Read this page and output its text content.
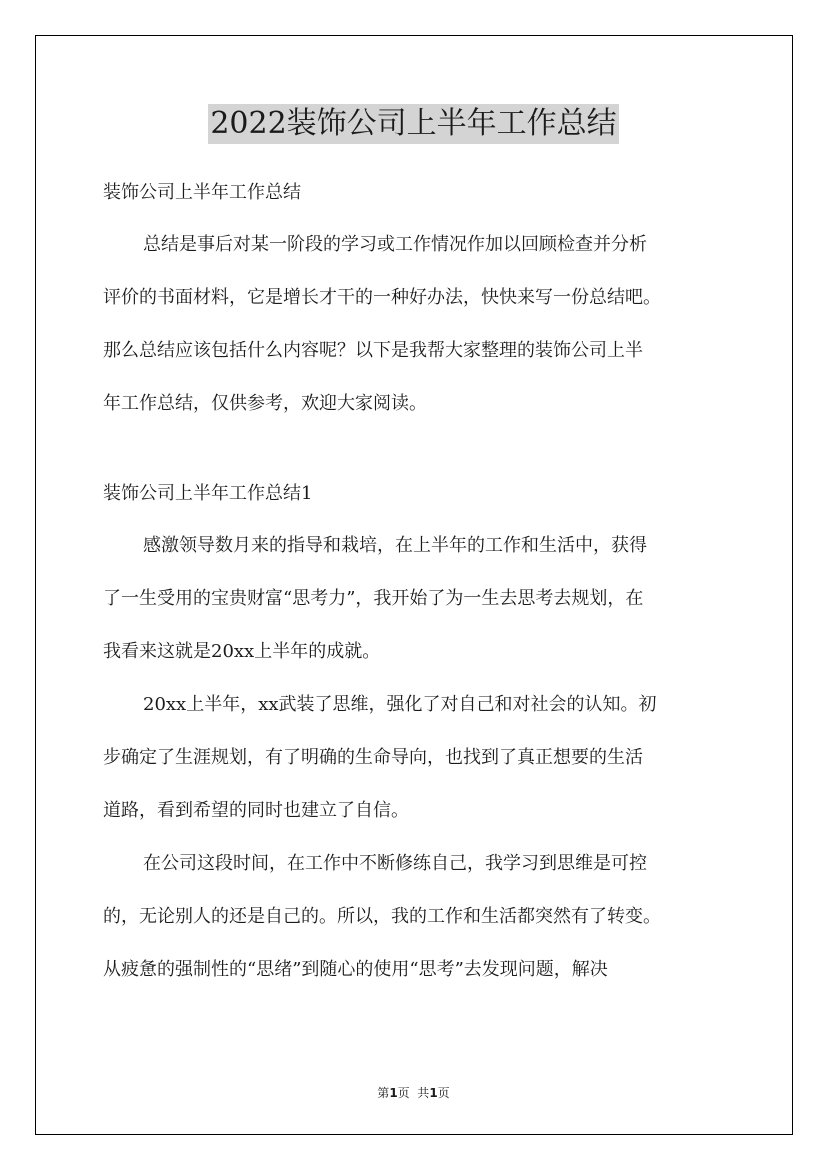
2022装饰公司上半年工作总结

装饰公司上半年工作总结

总结是事后对某一阶段的学习或工作情况作加以回顾检查并分析
评价的书面材料，它是增长才干的一种好办法，快快来写一份总结吧。
那么总结应该包括什么内容呢？以下是我帮大家整理的装饰公司上半
年工作总结，仅供参考，欢迎大家阅读。

装饰公司上半年工作总结1

感激领导数月来的指导和栽培，在上半年的工作和生活中，获得
了一生受用的宝贵财富“思考力”，我开始了为一生去思考去规划，在
我看来这就是20xx上半年的成就。
20xx上半年，xx武装了思维，强化了对自己和对社会的认知。初
步确定了生涯规划，有了明确的生命导向，也找到了真正想要的生活
道路，看到希望的同时也建立了自信。
在公司这段时间，在工作中不断修练自己，我学习到思维是可控
的，无论别人的还是自己的。所以，我的工作和生活都突然有了转变。
从疲惫的强制性的“思绪”到随心的使用“思考”去发现问题，解决
第1页  共1页
